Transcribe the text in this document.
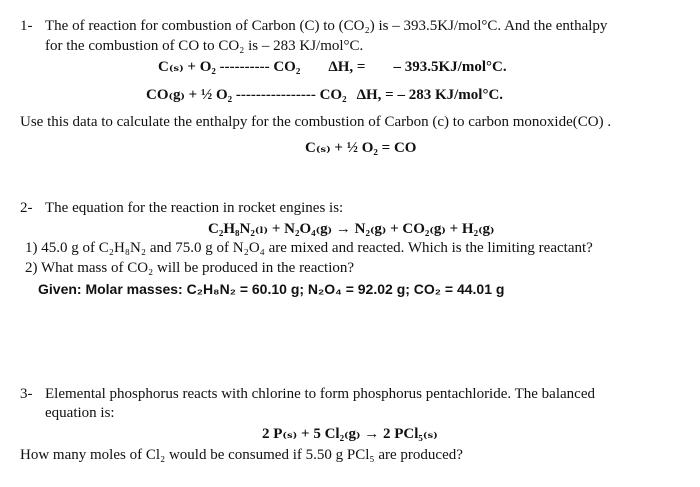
1- The of reaction for combustion of Carbon (C) to (CO₂) is – 393.5KJ/mol°C. And the enthalpy
for the combustion of CO to CO₂ is – 283 KJ/mol°C.
C₍ₛ₎ + O₂ ---------- CO₂ ΔH, = – 393.5KJ/mol°C.
CO₍g₎ + ½ O₂ ---------------- CO₂ ΔH, = – 283 KJ/mol°C.
Use this data to calculate the enthalpy for the combustion of Carbon (c) to carbon monoxide(CO) .
C₍ₛ₎ + ½ O₂ = CO
2- The equation for the reaction in rocket engines is:
C₂H₈N₂₍ₗ₎ + N₂O₄₍g₎ → N₂₍g₎ + CO₂₍g₎ + H₂₍g₎
1) 45.0 g of C₂H₈N₂ and 75.0 g of N₂O₄ are mixed and reacted. Which is the limiting reactant?
2) What mass of CO₂ will be produced in the reaction?
Given: Molar masses: C₂H₈N₂ = 60.10 g; N₂O₄ = 92.02 g; CO₂ = 44.01 g
3- Elemental phosphorus reacts with chlorine to form phosphorus pentachloride. The balanced
equation is:
2 P₍ₛ₎ + 5 Cl₂₍g₎ → 2 PCl₅₍ₛ₎
How many moles of Cl₂ would be consumed if 5.50 g PCl₅ are produced?
